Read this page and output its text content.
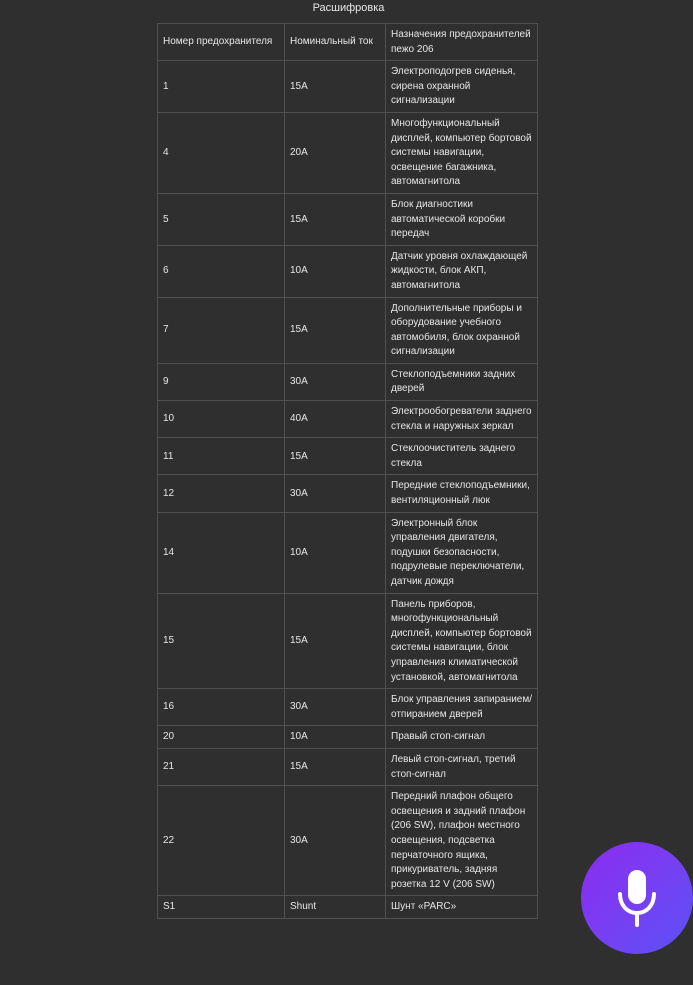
Расшифровка
Номер предохранителя	Номинальный ток	Назначения предохранителей пежо 206
1	15A	Электроподогрев сиденья, сирена охранной сигнализации
4	20A	Многофункциональный дисплей, компьютер бортовой системы навигации, освещение багажника, автомагнитола
5	15A	Блок диагностики автоматической коробки передач
6	10A	Датчик уровня охлаждающей жидкости, блок АКП, автомагнитола
7	15A	Дополнительные приборы и оборудование учебного автомобиля, блок охранной сигнализации
9	30A	Стеклоподъемники задних дверей
10	40A	Электрообогреватели заднего стекла и наружных зеркал
11	15A	Стеклоочиститель заднего стекла
12	30A	Передние стеклоподъемники, вентиляционный люк
14	10A	Электронный блок управления двигателя, подушки безопасности, подрулевые переключатели, датчик дождя
15	15A	Панель приборов, многофункциональный дисплей, компьютер бортовой системы навигации, блок управления климатической установкой, автомагнитола
16	30A	Блок управления запиранием/отпиранием дверей
20	10A	Правый стоп-сигнал
21	15A	Левый стоп-сигнал, третий стоп-сигнал
22	30A	Передний плафон общего освещения и задний плафон (206 SW), плафон местного освещения, подсветка перчаточного ящика, прикуриватель, задняя розетка 12 V (206 SW)
S1	Shunt	Шунт «PARC»
